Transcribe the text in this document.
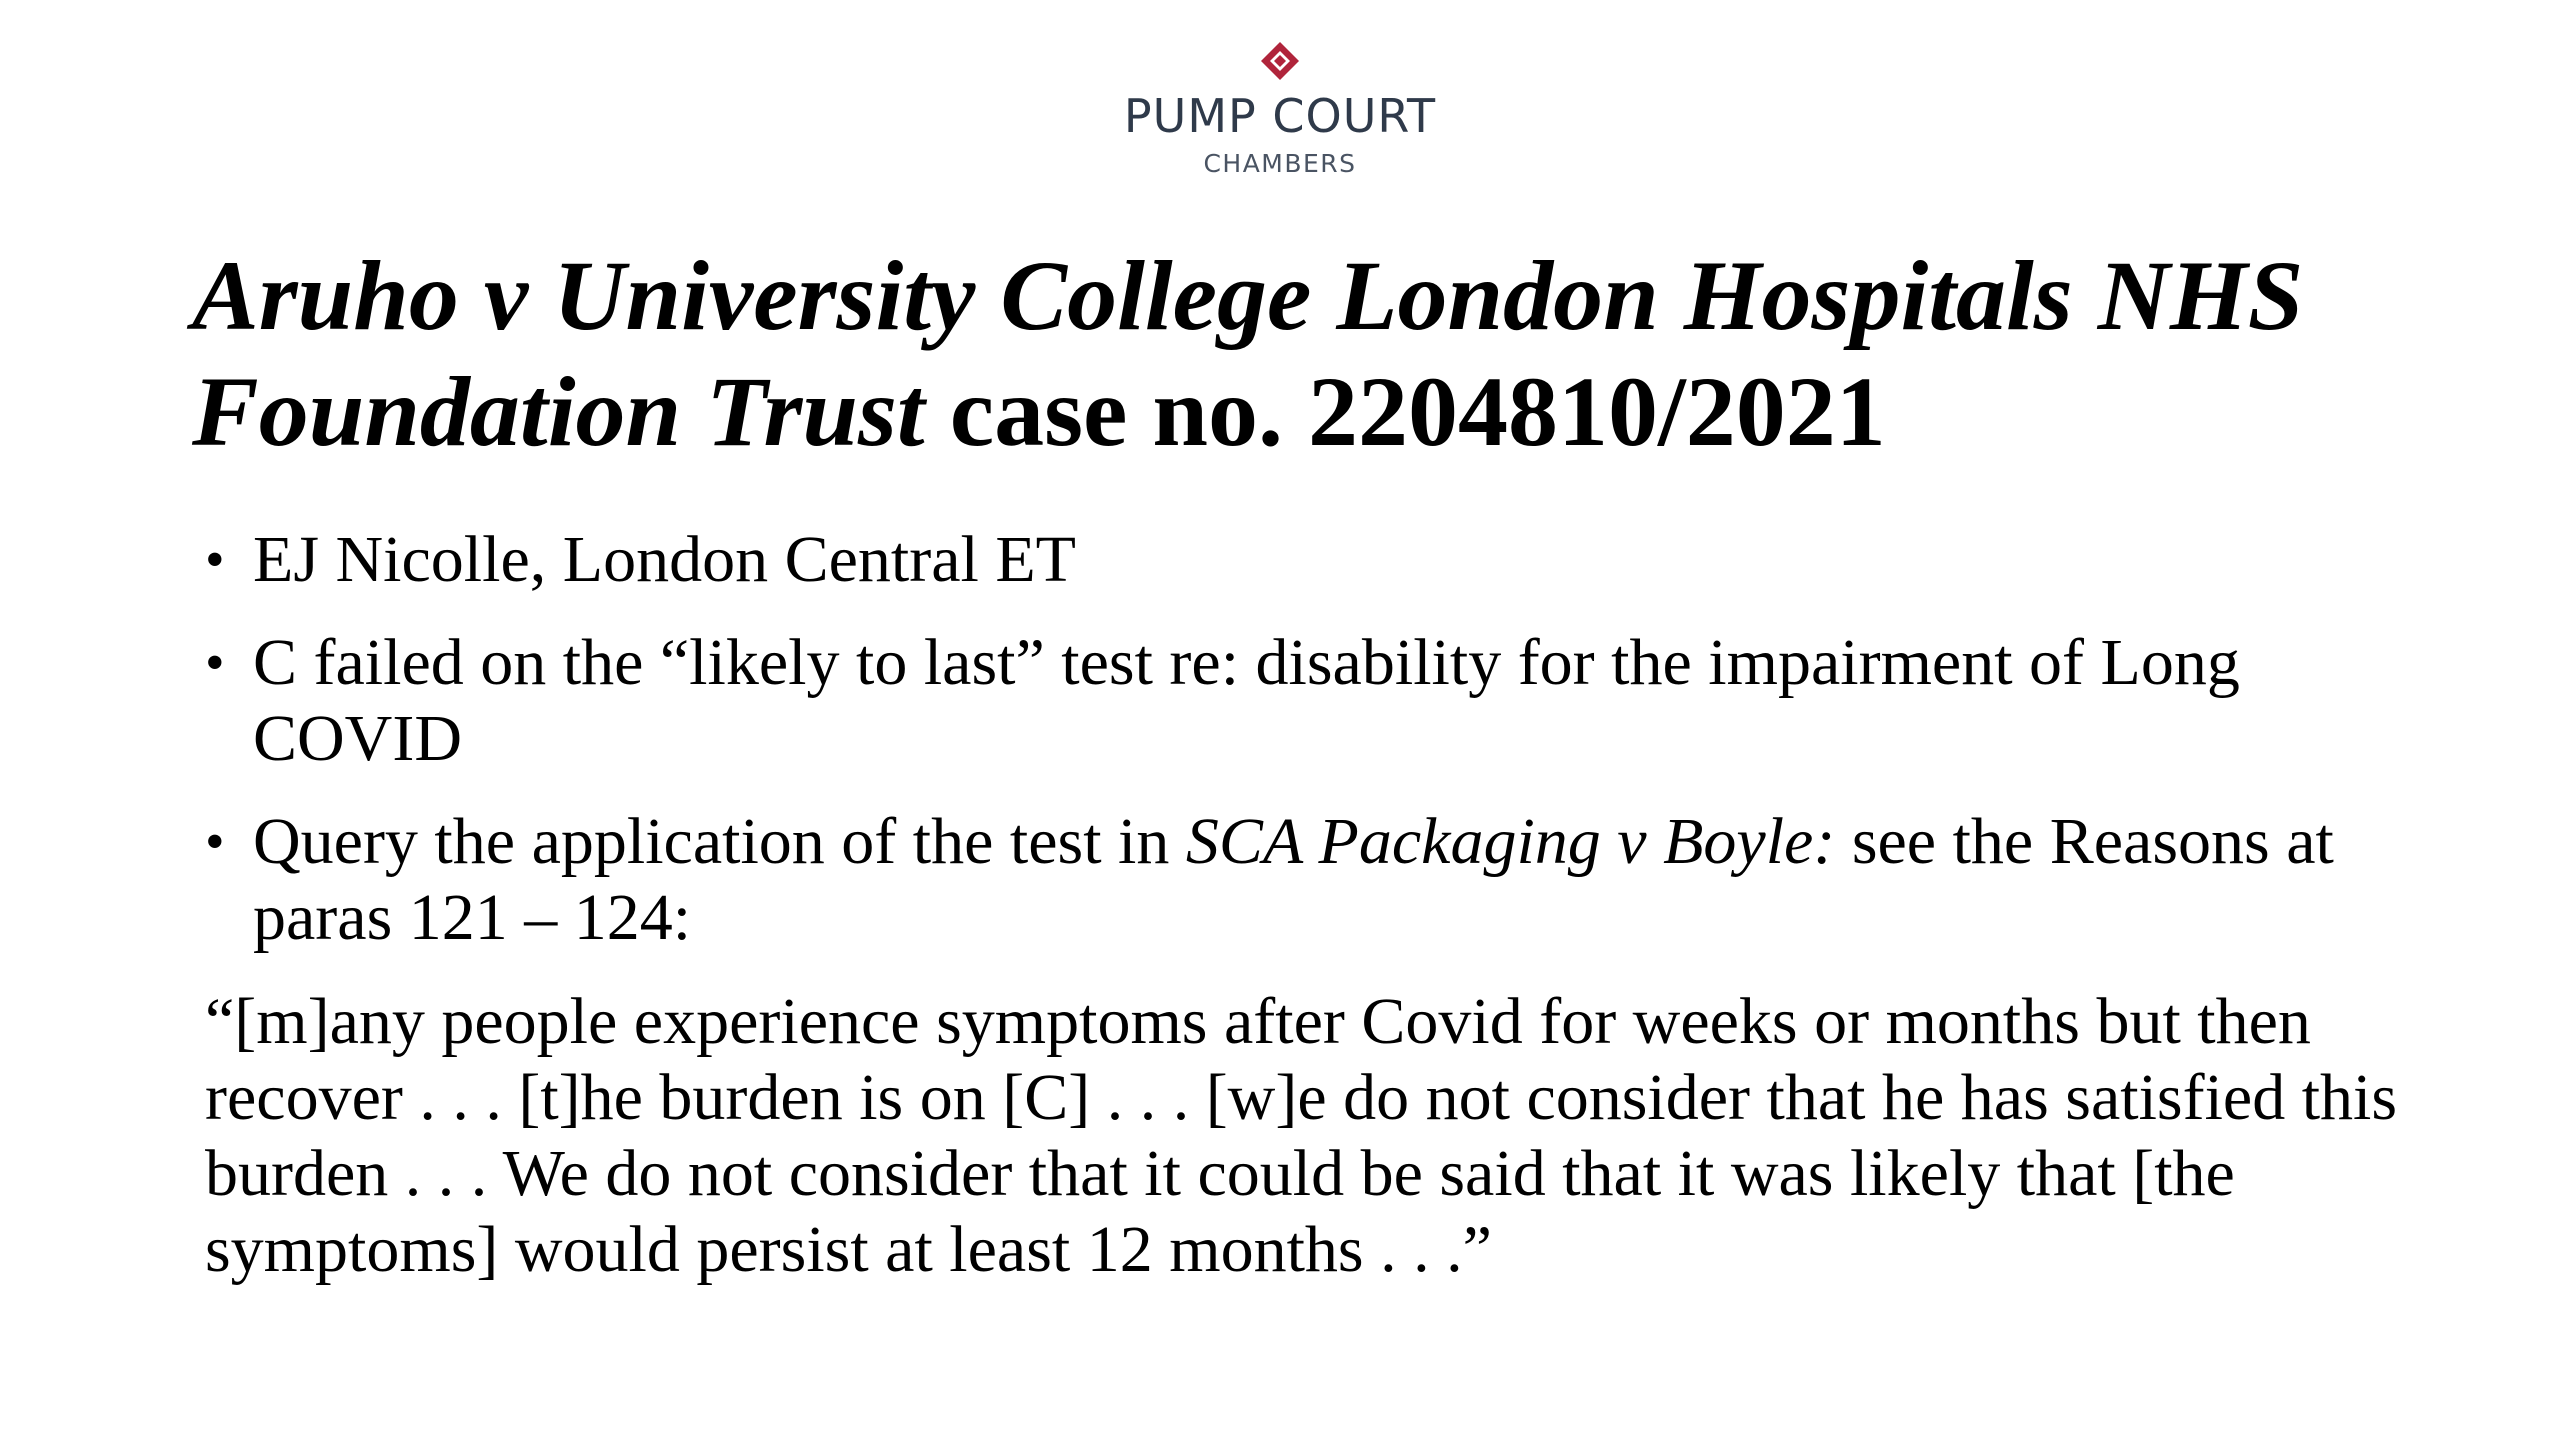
PUMP COURT
CHAMBERS
Aruho v University College London Hospitals NHS Foundation Trust case no. 2204810/2021
• EJ Nicolle, London Central ET
• C failed on the “likely to last” test re: disability for the impairment of Long COVID
• Query the application of the test in SCA Packaging v Boyle: see the Reasons at paras 121 – 124:

“[m]any people experience symptoms after Covid for weeks or months but then recover . . . [t]he burden is on [C] . . . [w]e do not consider that he has satisfied this burden . . . We do not consider that it could be said that it was likely that [the symptoms] would persist at least 12 months . . .”
